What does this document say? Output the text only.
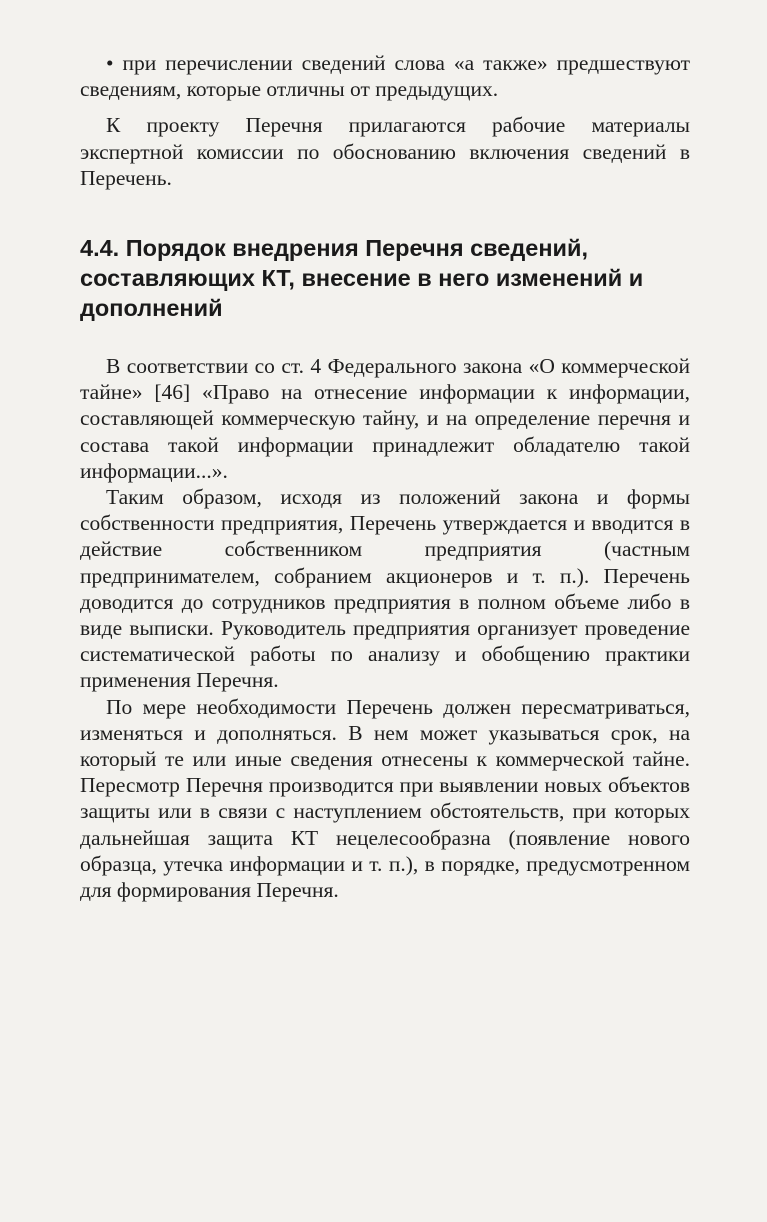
• при перечислении сведений слова «а также» предшествуют сведениям, которые отличны от предыдущих.

К проекту Перечня прилагаются рабочие материалы экспертной комиссии по обоснованию включения сведений в Перечень.

4.4. Порядок внедрения Перечня сведений, составляющих КТ, внесение в него изменений и дополнений

В соответствии со ст. 4 Федерального закона «О коммерческой тайне» [46] «Право на отнесение информации к информации, составляющей коммерческую тайну, и на определение перечня и состава такой информации принадлежит обладателю такой информации...».

Таким образом, исходя из положений закона и формы собственности предприятия, Перечень утверждается и вводится в действие собственником предприятия (частным предпринимателем, собранием акционеров и т. п.). Перечень доводится до сотрудников предприятия в полном объеме либо в виде выписки. Руководитель предприятия организует проведение систематической работы по анализу и обобщению практики применения Перечня.

По мере необходимости Перечень должен пересматриваться, изменяться и дополняться. В нем может указываться срок, на который те или иные сведения отнесены к коммерческой тайне. Пересмотр Перечня производится при выявлении новых объектов защиты или в связи с наступлением обстоятельств, при которых дальнейшая защита КТ нецелесообразна (появление нового образца, утечка информации и т. п.), в порядке, предусмотренном для формирования Перечня.
